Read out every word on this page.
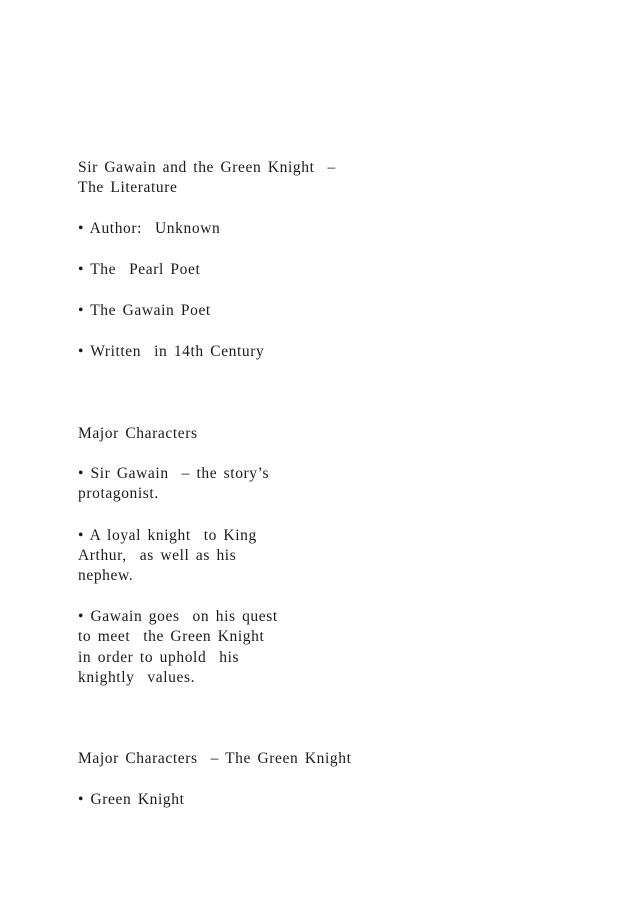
Sir Gawain and the Green Knight  –

The Literature

• Author:  Unknown

• The  Pearl Poet

• The Gawain Poet

• Written  in 14th Century

Major Characters

• Sir Gawain  – the story’s

protagonist.

• A loyal knight  to King

Arthur,  as well as his

nephew.

• Gawain goes  on his quest

to meet  the Green Knight

in order to uphold  his

knightly  values.

Major Characters  – The Green Knight

• Green Knight
